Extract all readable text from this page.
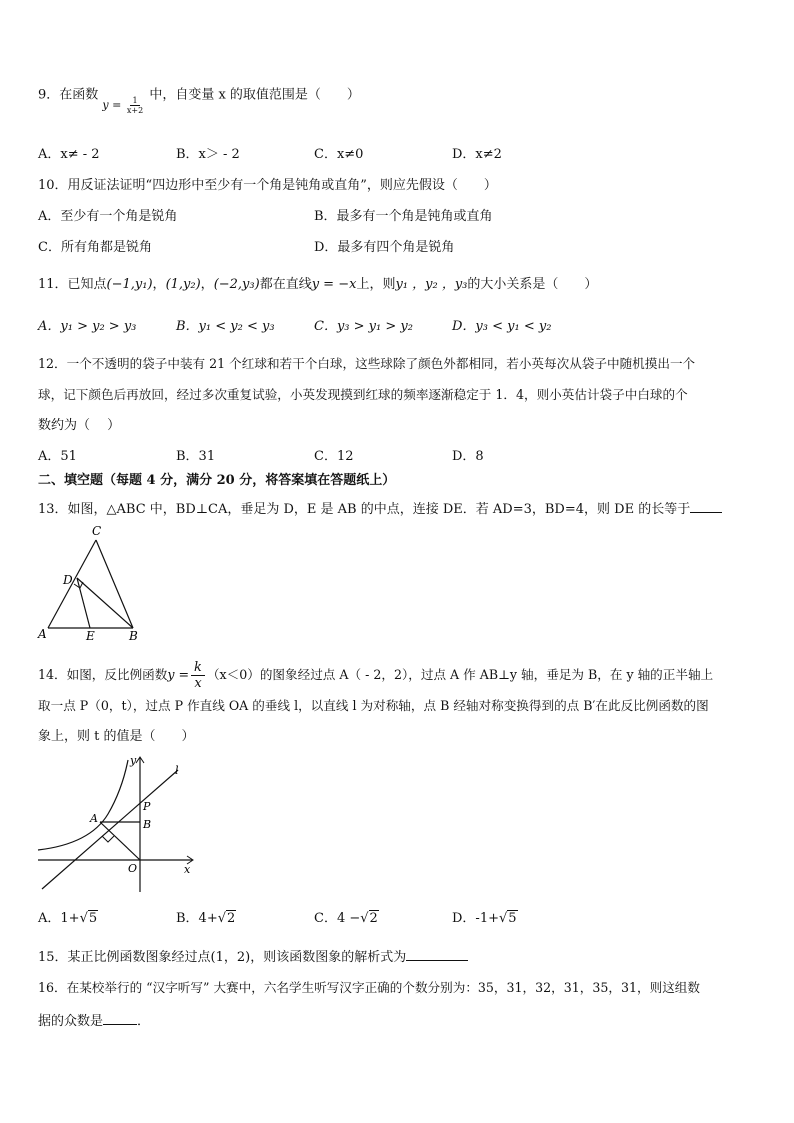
9．在函数 $y = \frac{1}{x+2}$
中，自变量 x 的取值范围是（　　）
A．x≠ - 2	B．x＞ - 2	C．x≠0	D．x≠2
10．用反证法证明“四边形中至少有一个角是钝角或直角”，则应先假设（　　）
A．至少有一个角是锐角	B．最多有一个角是钝角或直角
C．所有角都是锐角	D．最多有四个角是锐角
11．已知点(−1,y₁)，(1,y₂)，(−2,y₃)都在直线y = −x上，则y₁ ，y₂ ，y₃的大小关系是（　　）
A．y₁ > y₂ > y₃	B．y₁ < y₂ < y₃	C．y₃ > y₁ > y₂	D．y₃ < y₁ < y₂
12．一个不透明的袋子中装有 21 个红球和若干个白球，这些球除了颜色外都相同，若小英每次从袋子中随机摸出一个
球，记下颜色后再放回，经过多次重复试验，小英发现摸到红球的频率逐渐稳定于 1．4，则小英估计袋子中白球的个
数约为（　 ）
A．51	B．31	C．12	D．8
二、填空题（每题 4 分，满分 20 分，将答案填在答题纸上）
13．如图，△ABC 中，BD⊥CA，垂足为 D，E 是 AB 的中点，连接 DE．若 AD=3，BD=4，则 DE 的长等于
C
D
A	E	B
14．如图，反比例函数$y = \frac{k}{x} (x<0)$的图象经过点 A（ - 2，2），过点 A 作 AB⊥y 轴，垂足为 B，在 y 轴的正半轴上
取一点 P（0，t），过点 P 作直线 OA 的垂线 l，以直线 l 为对称轴，点 B 经轴对称变换得到的点 B′在此反比例函数的图
象上，则 t 的值是（　　）
y
l
P
A	B
O	x
A．1+√5	B．4+√2	C．4 −√2	D．-1+√5
15．某正比例函数图象经过点(1，2)，则该函数图象的解析式为
16．在某校举行的 “汉字听写” 大赛中，六名学生听写汉字正确的个数分别为：35，31，32，31，35，31，则这组数
据的众数是	．
